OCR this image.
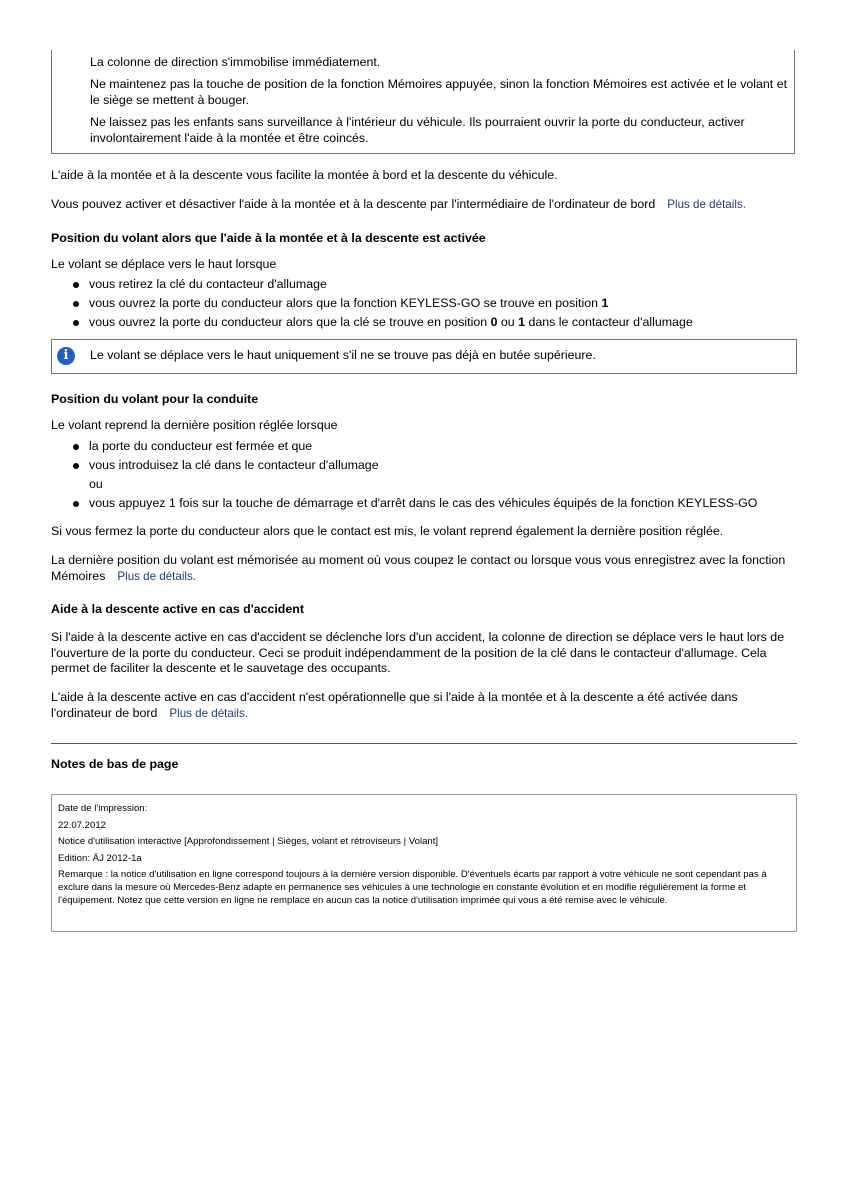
La colonne de direction s'immobilise immédiatement.

Ne maintenez pas la touche de position de la fonction Mémoires appuyée, sinon la fonction Mémoires est activée et le volant et le siège se mettent à bouger.

Ne laissez pas les enfants sans surveillance à l'intérieur du véhicule. Ils pourraient ouvrir la porte du conducteur, activer involontairement l'aide à la montée et être coincés.

L'aide à la montée et à la descente vous facilite la montée à bord et la descente du véhicule.

Vous pouvez activer et désactiver l'aide à la montée et à la descente par l'intermédiaire de l'ordinateur de bord Plus de détails.

Position du volant alors que l'aide à la montée et à la descente est activée

Le volant se déplace vers le haut lorsque

vous retirez la clé du contacteur d'allumage
vous ouvrez la porte du conducteur alors que la fonction KEYLESS-GO se trouve en position 1
vous ouvrez la porte du conducteur alors que la clé se trouve en position 0 ou 1 dans le contacteur d'allumage
i	Le volant se déplace vers le haut uniquement s'il ne se trouve pas déjà en butée supérieure.

Position du volant pour la conduite

Le volant reprend la dernière position réglée lorsque

la porte du conducteur est fermée et que
vous introduisez la clé dans le contacteur d'allumage
ou
vous appuyez 1 fois sur la touche de démarrage et d'arrêt dans le cas des véhicules équipés de la fonction KEYLESS-GO

Si vous fermez la porte du conducteur alors que le contact est mis, le volant reprend également la dernière position réglée.

La dernière position du volant est mémorisée au moment où vous coupez le contact ou lorsque vous vous enregistrez avec la fonction Mémoires Plus de détails.

Aide à la descente active en cas d'accident

Si l'aide à la descente active en cas d'accident se déclenche lors d'un accident, la colonne de direction se déplace vers le haut lors de l'ouverture de la porte du conducteur. Ceci se produit indépendamment de la position de la clé dans le contacteur d'allumage. Cela permet de faciliter la descente et le sauvetage des occupants.

L'aide à la descente active en cas d'accident n'est opérationnelle que si l'aide à la montée et à la descente a été activée dans l'ordinateur de bord Plus de détails.

Notes de bas de page

Date de l'impression:
22.07.2012
Notice d'utilisation interactive [Approfondissement | Sièges, volant et rétroviseurs | Volant]
Edition: ÄJ 2012-1a
Remarque : la notice d'utilisation en ligne correspond toujours à la dernière version disponible. D'éventuels écarts par rapport à votre véhicule ne sont cependant pas à exclure dans la mesure où Mercedes-Benz adapte en permanence ses véhicules à une technologie en constante évolution et en modifie régulièrement la forme et l'équipement. Notez que cette version en ligne ne remplace en aucun cas la notice d'utilisation imprimée qui vous a été remise avec le véhicule.
